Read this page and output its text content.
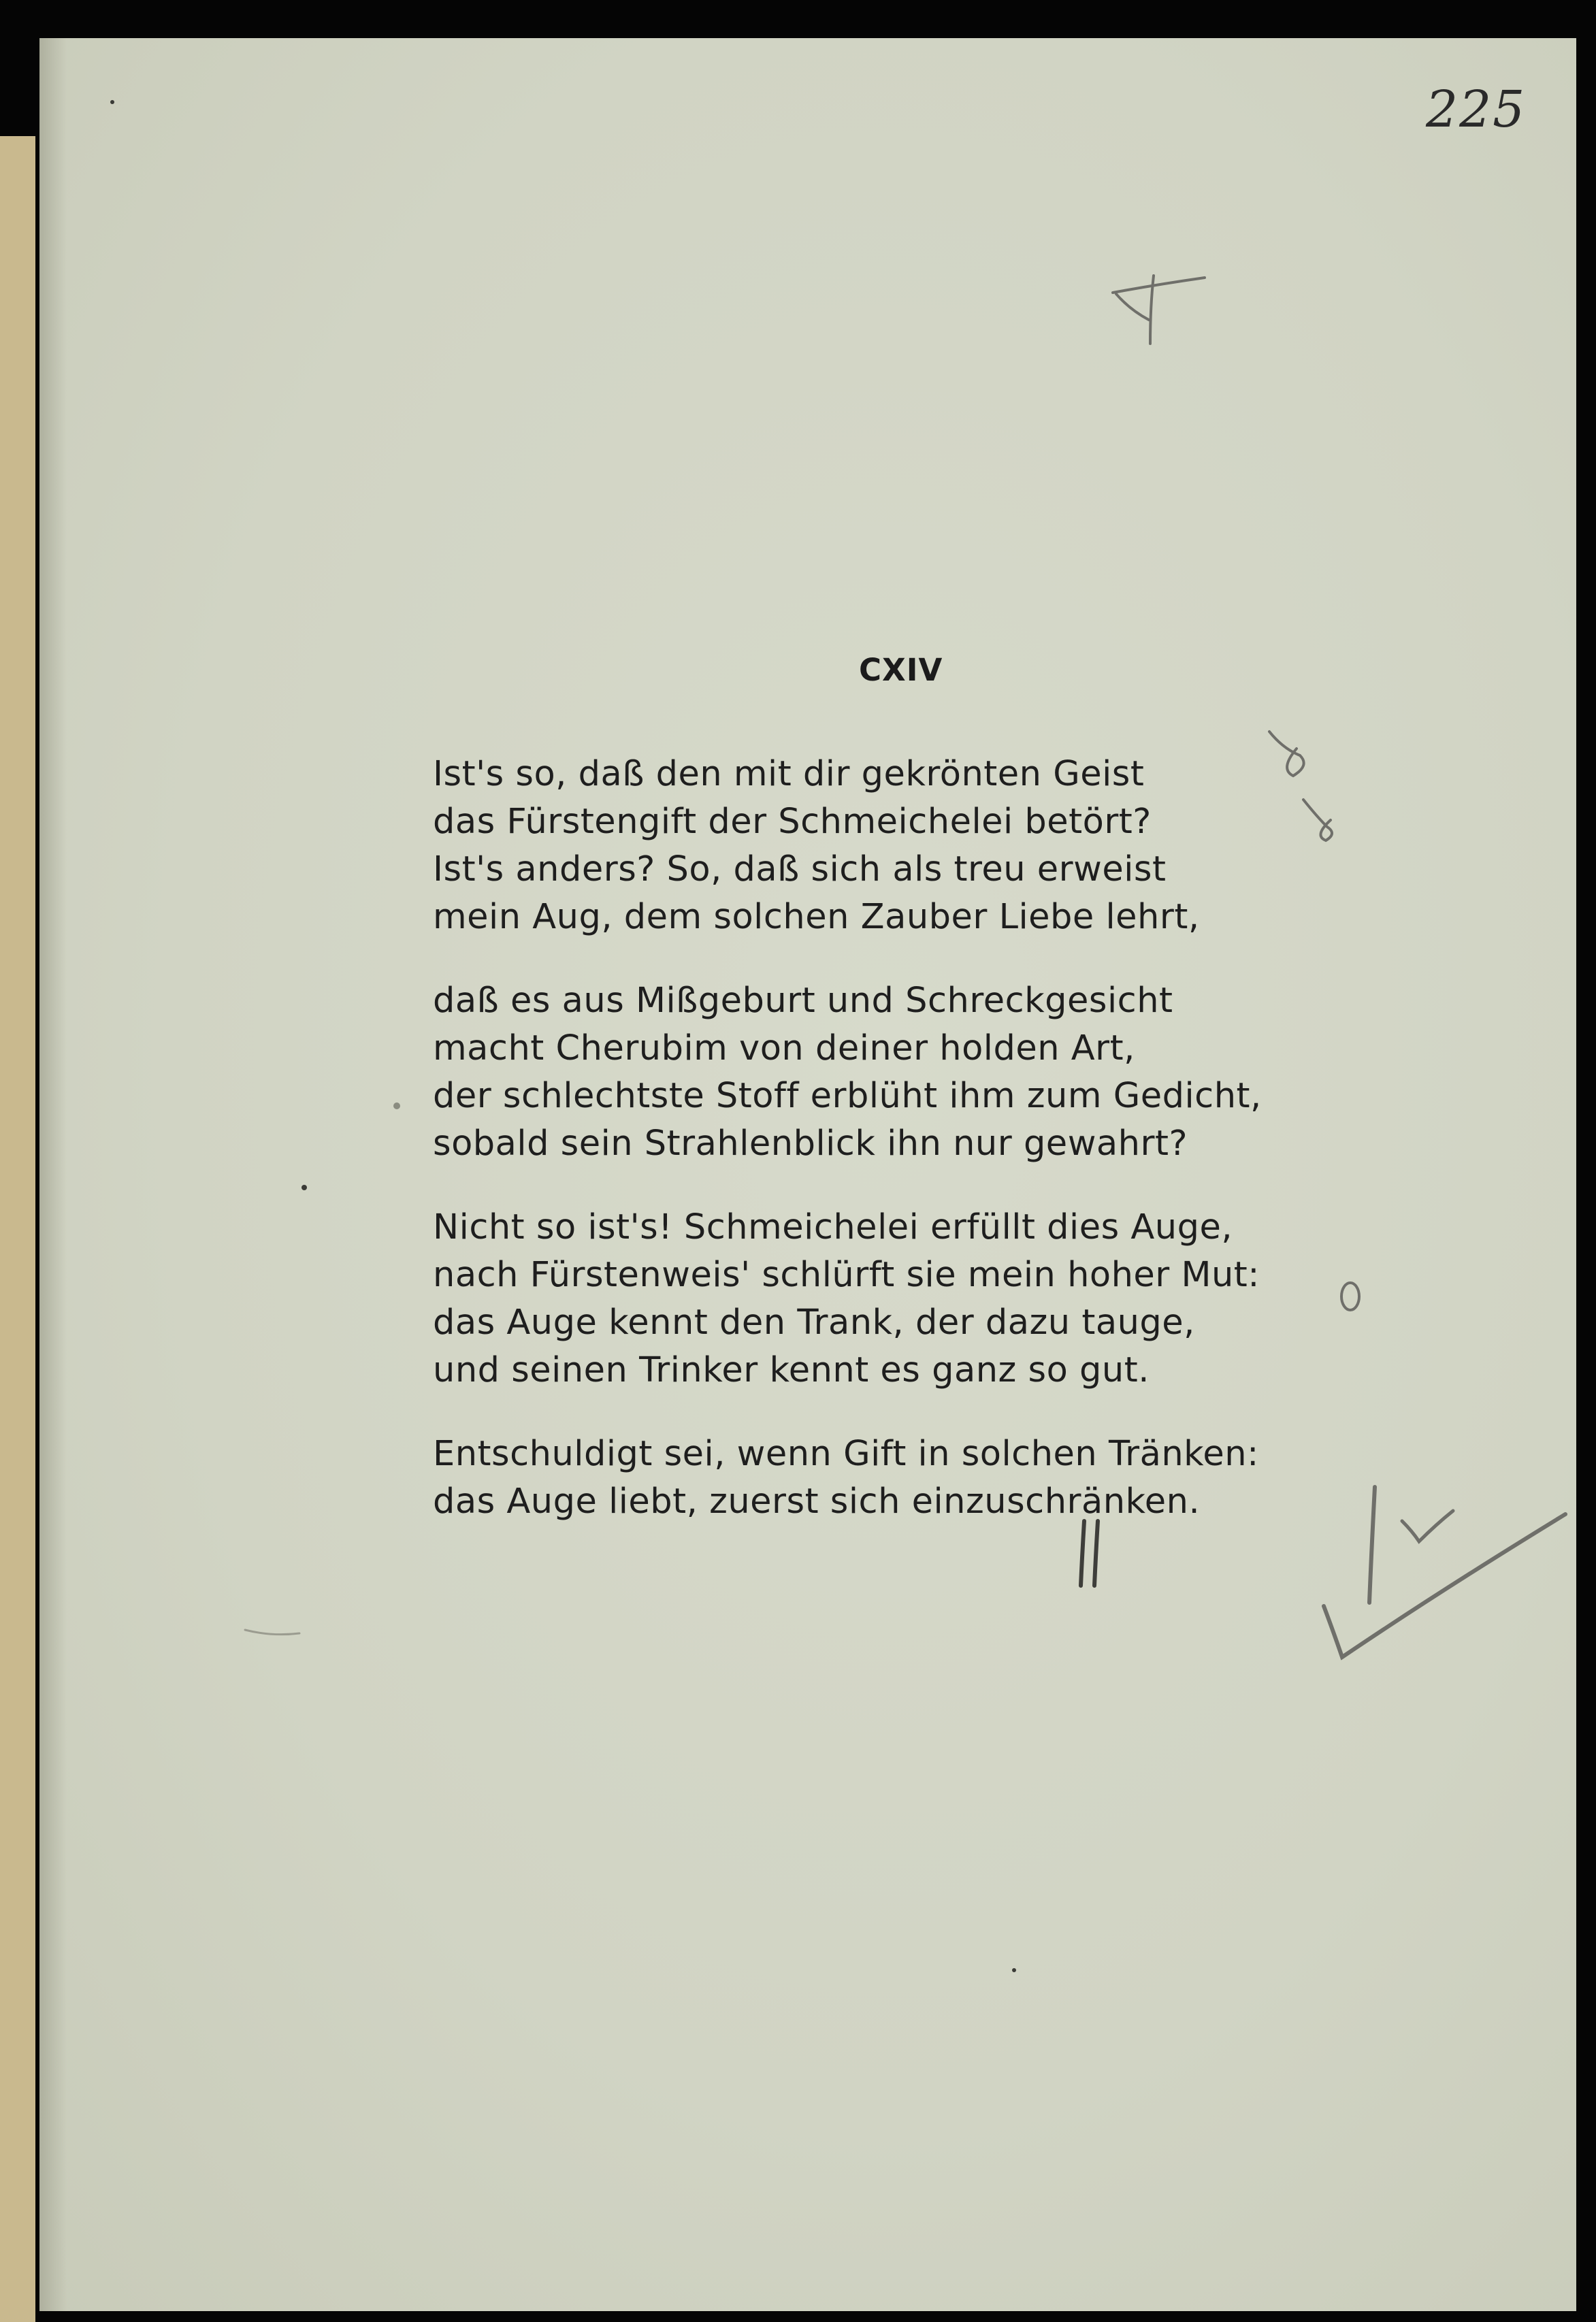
225
CXIV
Ist's so, daß den mit dir gekrönten Geist
das Fürstengift der Schmeichelei betört?
Ist's anders? So, daß sich als treu erweist
mein Aug, dem solchen Zauber Liebe lehrt,
daß es aus Mißgeburt und Schreckgesicht
macht Cherubim von deiner holden Art,
der schlechtste Stoff erblüht ihm zum Gedicht,
sobald sein Strahlenblick ihn nur gewahrt?
Nicht so ist's! Schmeichelei erfüllt dies Auge,
nach Fürstenweis' schlürft sie mein hoher Mut:
das Auge kennt den Trank, der dazu tauge,
und seinen Trinker kennt es ganz so gut.
Entschuldigt sei, wenn Gift in solchen Tränken:
das Auge liebt, zuerst sich einzuschränken.
